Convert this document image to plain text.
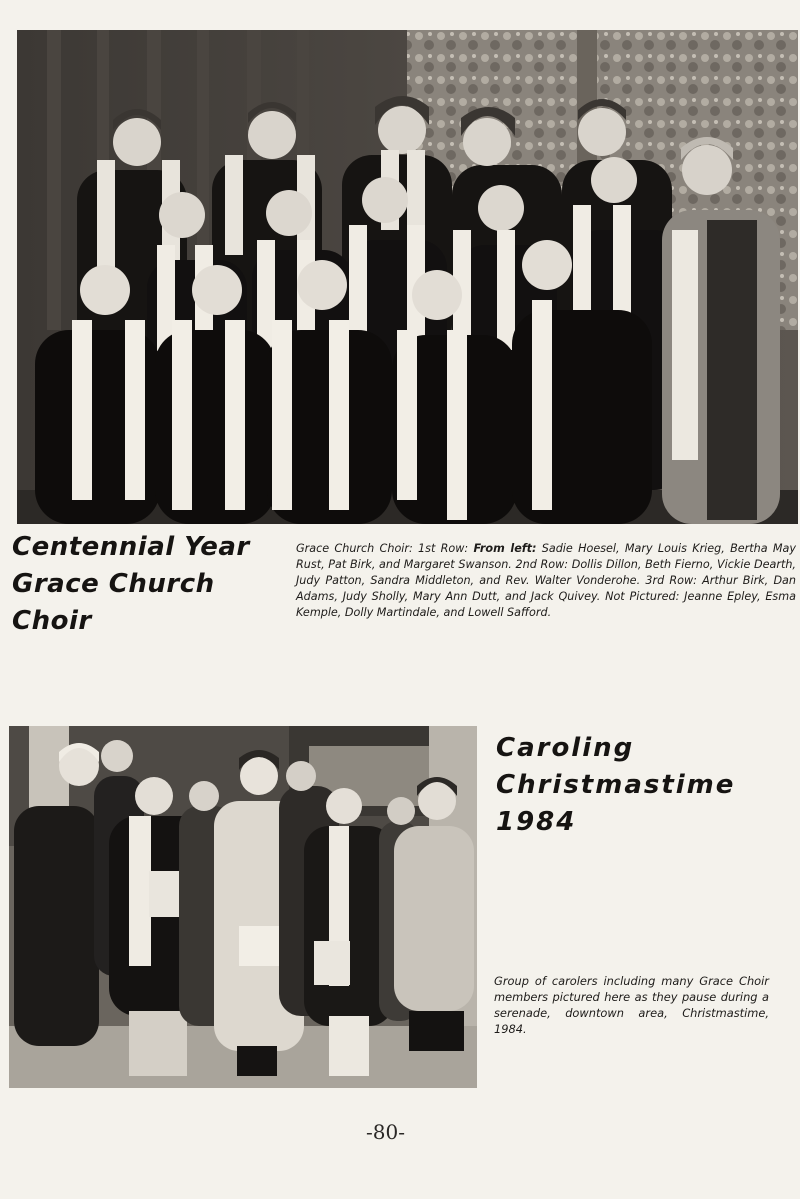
Centennial Year
Grace Church
Choir

Grace Church Choir: 1st Row: From left: Sadie Hoesel, Mary Louis Krieg, Bertha May Rust, Pat Birk, and Margaret Swanson. 2nd Row: Dollis Dillon, Beth Fierno, Vickie Dearth, Judy Patton, Sandra Middleton, and Rev. Walter Vonderohe. 3rd Row: Arthur Birk, Dan Adams, Judy Sholly, Mary Ann Dutt, and Jack Quivey. Not Pictured: Jeanne Epley, Esma Kemple, Dolly Martindale, and Lowell Safford.

Caroling
Christmastime
1984

Group of carolers including many Grace Choir members pictured here as they pause during a serenade, downtown area, Christmastime, 1984.

-80-
